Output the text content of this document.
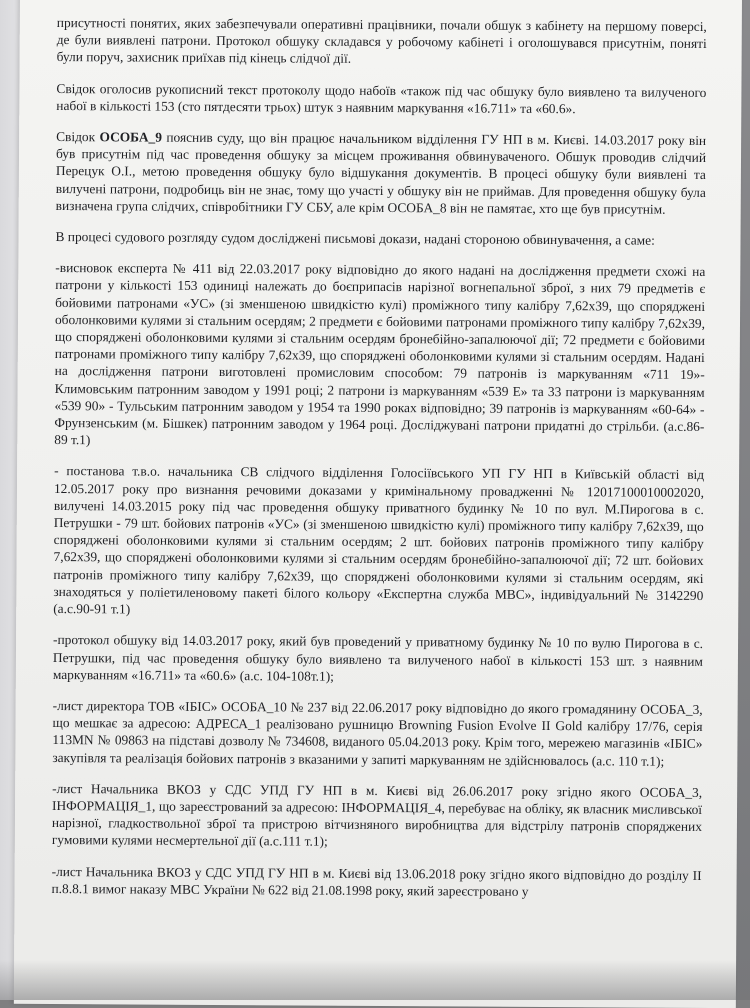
присутності понятих, яких забезпечували оперативні працівники, почали обшук з кабінету на першому поверсі, де були виявлені патрони. Протокол обшуку складався у робочому кабінеті і оголошувався присутнім, поняті були поруч, захисник приїхав під кінець слідчої дії.

Свідок оголосив рукописний текст протоколу щодо набоїв «також під час обшуку було виявлено та вилученого набої в кількості 153 (сто пятдесяти трьох) штук з наявним маркування «16.711» та «60.6».

Свідок ОСОБА_9 пояснив суду, що він працює начальником відділення ГУ НП в м. Києві. 14.03.2017 року він був присутнім під час проведення обшуку за місцем проживання обвинуваченого. Обшук проводив слідчий Перецук О.І., метою проведення обшуку було відшукання документів. В процесі обшуку були виявлені та вилучені патрони, подробиць він не знає, тому що участі у обшуку він не приймав. Для проведення обшуку була визначена група слідчих, співробітники ГУ СБУ, але крім ОСОБА_8 він не памятає, хто ще був присутнім.

В процесі судового розгляду судом досліджені письмові докази, надані стороною обвинувачення, а саме:

-висновок експерта № 411 від 22.03.2017 року відповідно до якого надані на дослідження предмети схожі на патрони у кількості 153 одиниці належать до боєприпасів нарізної вогнепальної зброї, з них 79 предметів є бойовими патронами «УС» (зі зменшеною швидкістю кулі) проміжного типу калібру 7,62х39, що споряджені оболонковими кулями зі стальним осердям; 2 предмети є бойовими патронами проміжного типу калібру 7,62х39, що споряджені оболонковими кулями зі стальним осердям бронебійно-запалюючої дії; 72 предмети є бойовими патронами проміжного типу калібру 7,62х39, що споряджені оболонковими кулями зі стальним осердям. Надані на дослідження патрони виготовлені промисловим способом: 79 патронів із маркуванням «711 19»- Климовським патронним заводом у 1991 році; 2 патрони із маркуванням «539 Е» та 33 патрони із маркуванням «539 90» - Тульським патронним заводом у 1954 та 1990 роках відповідно; 39 патронів із маркуванням «60-64» - Фрунзенським (м. Бішкек) патронним заводом у 1964 році. Досліджувані патрони придатні до стрільби. (а.с.86-89 т.1)

- постанова т.в.о. начальника СВ слідчого відділення Голосіївського УП ГУ НП в Київській області від 12.05.2017 року про визнання речовими доказами у кримінальному провадженні № 12017100010002020, вилучені 14.03.2015 року під час проведення обшуку приватного будинку № 10 по вул. М.Пирогова в с. Петрушки - 79 шт. бойових патронів «УС» (зі зменшеною швидкістю кулі) проміжного типу калібру 7,62х39, що споряджені оболонковими кулями зі стальним осердям; 2 шт. бойових патронів проміжного типу калібру 7,62х39, що споряджені оболонковими кулями зі стальним осердям бронебійно-запалюючої дії; 72 шт. бойових патронів проміжного типу калібру 7,62х39, що споряджені оболонковими кулями зі стальним осердям, які знаходяться у поліетиленовому пакеті білого кольору «Експертна служба МВС», індивідуальний № 3142290 (а.с.90-91 т.1)

-протокол обшуку від 14.03.2017 року, який був проведений у приватному будинку № 10 по вулю Пирогова в с. Петрушки, під час проведення обшуку було виявлено та вилученого набої в кількості 153 шт. з наявним маркуванням «16.711» та «60.6» (а.с. 104-108т.1);

-лист директора ТОВ «ІБІС» ОСОБА_10 № 237 від 22.06.2017 року відповідно до якого громадянину ОСОБА_3, що мешкає за адресою: АДРЕСА_1 реалізовано рушницю Browning Fusion Evolve II Gold калібру 17/76, серія 113MN № 09863 на підставі дозволу № 734608, виданого 05.04.2013 року. Крім того, мережею магазинів «ІБІС» закупівля та реалізація бойових патронів з вказаними у запиті маркуванням не здійснювалось (а.с. 110 т.1);

-лист Начальника ВКОЗ у СДС УПД ГУ НП в м. Києві від 26.06.2017 року згідно якого ОСОБА_3, ІНФОРМАЦІЯ_1, що зареєстрований за адресою: ІНФОРМАЦІЯ_4, перебуває на обліку, як власник мисливської нарізної, гладкоствольної зброї та пристрою вітчизняного виробництва для відстрілу патронів споряджених гумовими кулями несмертельної дії (а.с.111 т.1);

-лист Начальника ВКОЗ у СДС УПД ГУ НП в м. Києві від 13.06.2018 року згідно якого відповідно до розділу ІІ п.8.8.1 вимог наказу МВС України № 622 від 21.08.1998 року, який зареєстровано у
